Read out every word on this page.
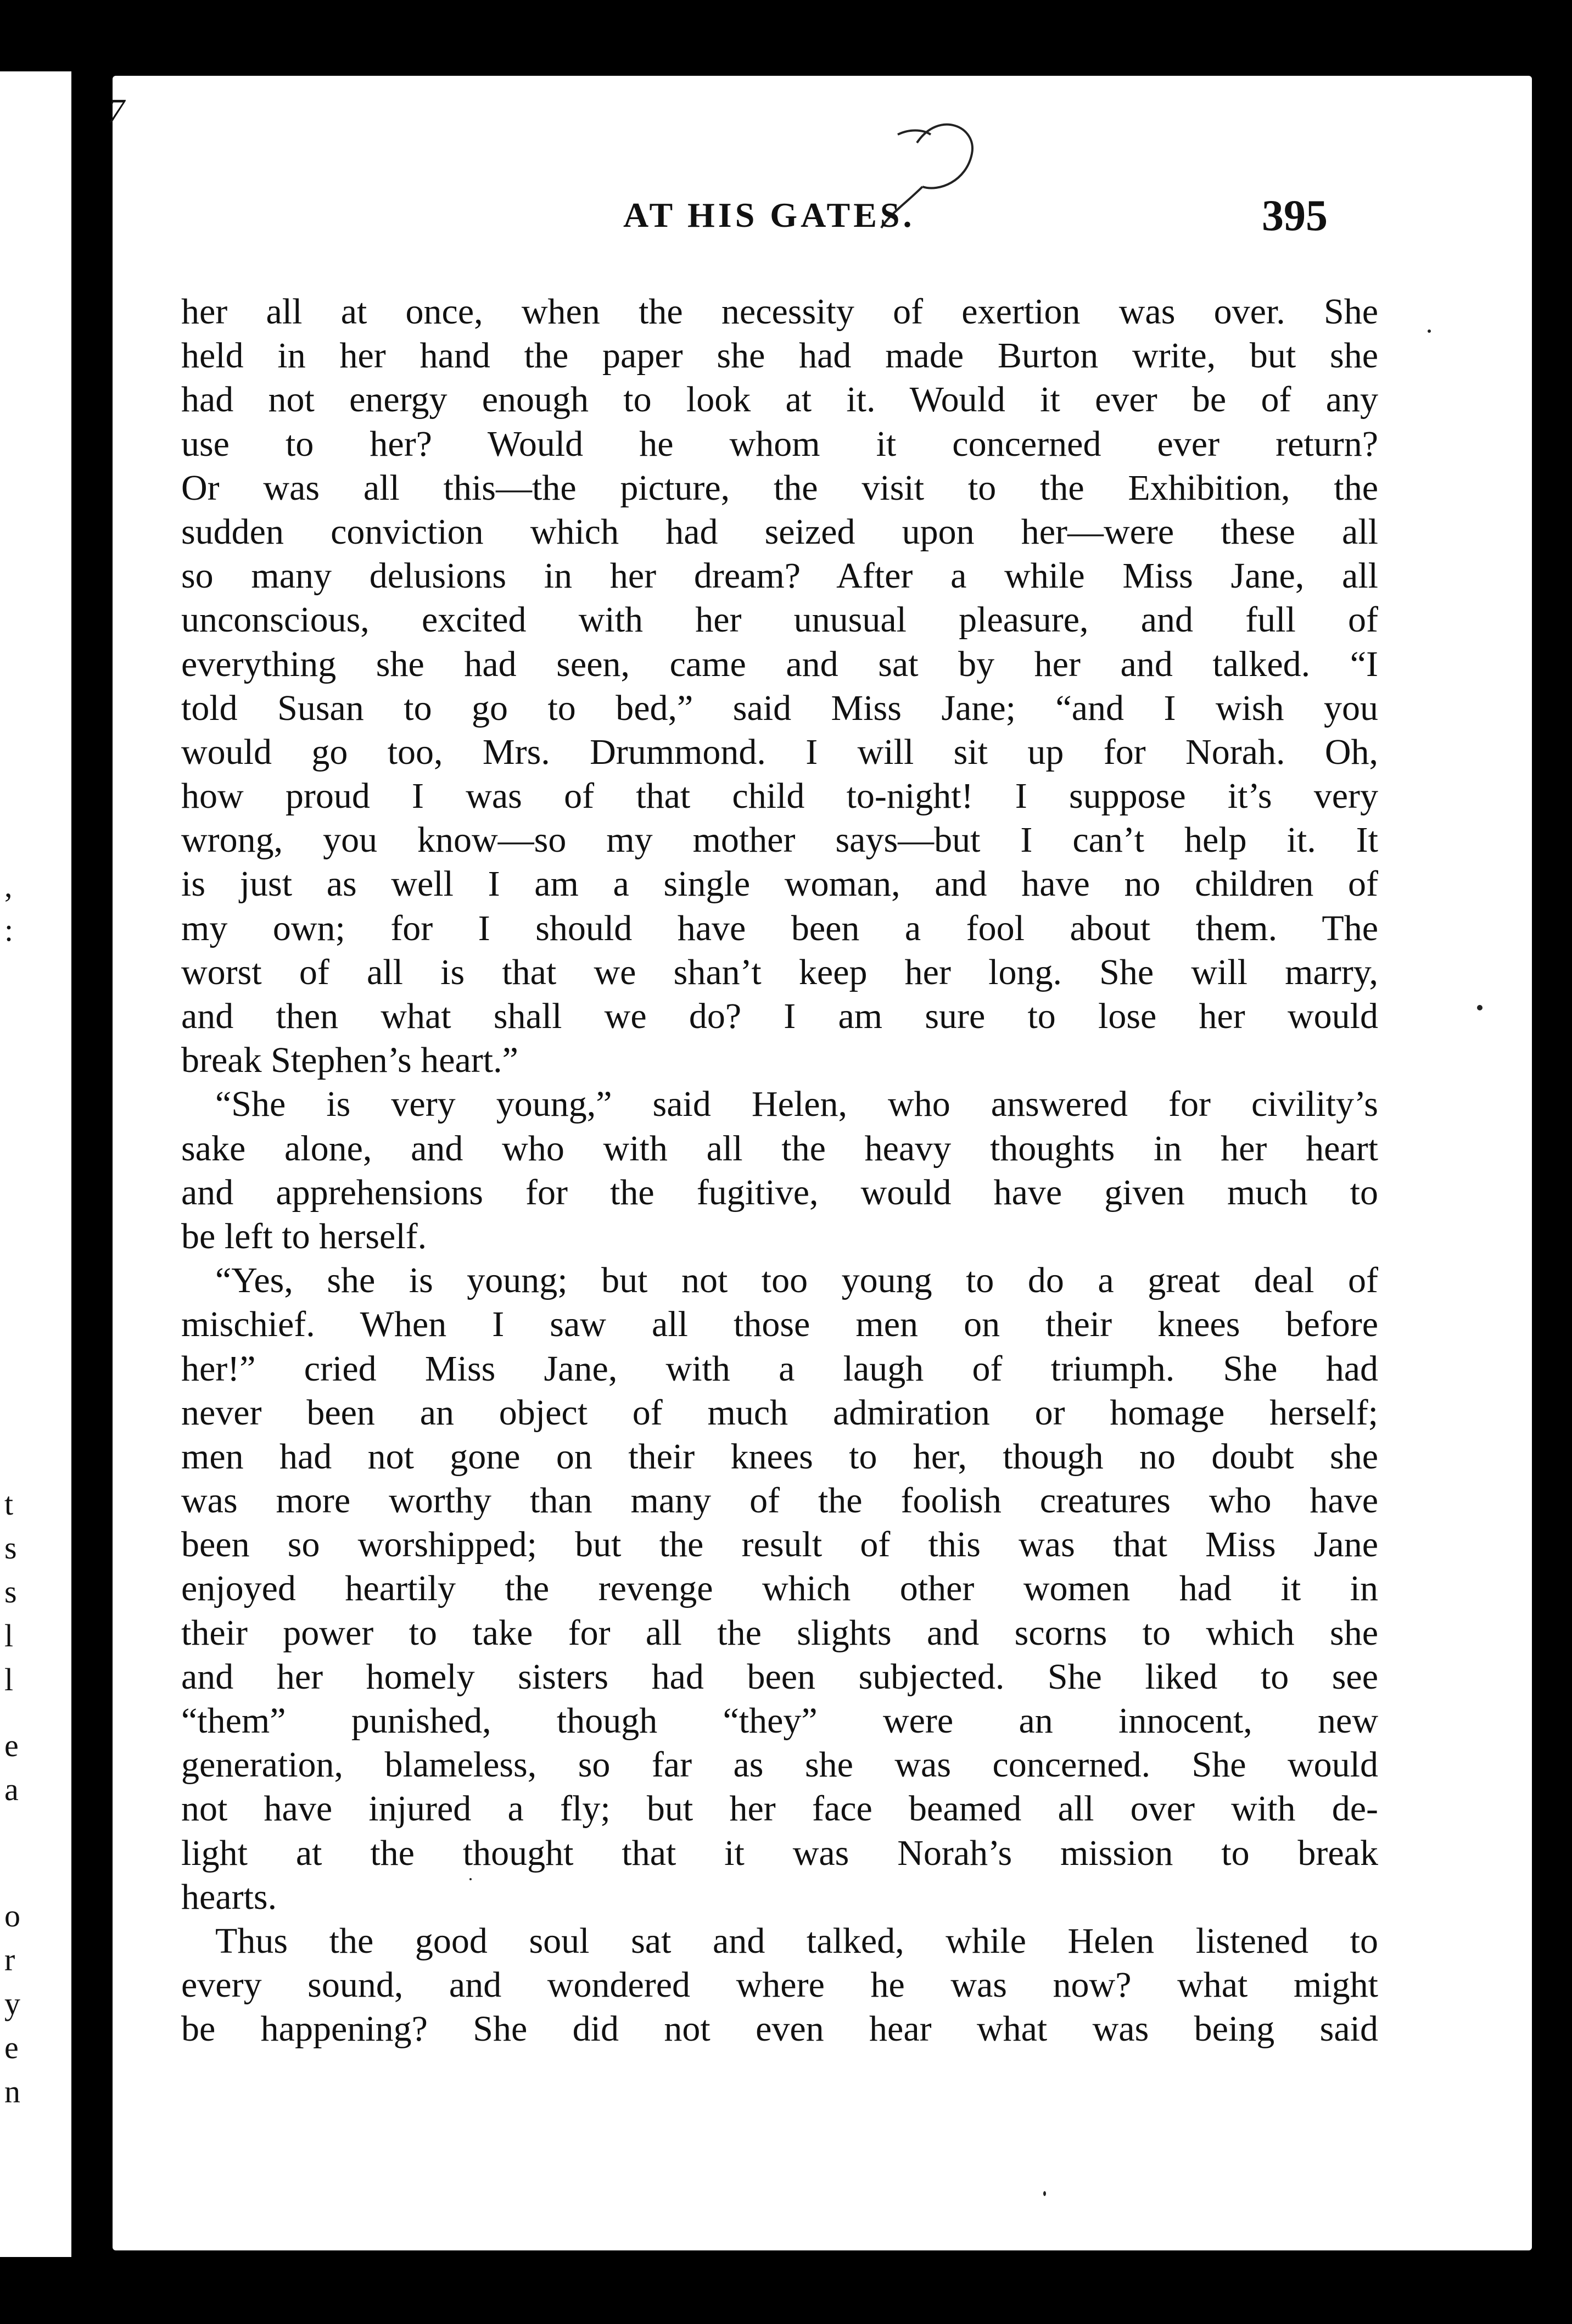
,
:
t
s
s
l
l
e
a
o
r
y
e
n
7
AT HIS GATES.	395
her all at once, when the necessity of exertion was over. She
held in her hand the paper she had made Burton write, but she
had not energy enough to look at it. Would it ever be of any
use to her? Would he whom it concerned ever return?
Or was all this—the picture, the visit to the Exhibition, the
sudden conviction which had seized upon her—were these all
so many delusions in her dream? After a while Miss Jane, all
unconscious, excited with her unusual pleasure, and full of
everything she had seen, came and sat by her and talked. “I
told Susan to go to bed,” said Miss Jane; “and I wish you
would go too, Mrs. Drummond. I will sit up for Norah. Oh,
how proud I was of that child to-night! I suppose it’s very
wrong, you know—so my mother says—but I can’t help it. It
is just as well I am a single woman, and have no children of
my own; for I should have been a fool about them. The
worst of all is that we shan’t keep her long. She will marry,
and then what shall we do? I am sure to lose her would
break Stephen’s heart.”
“She is very young,” said Helen, who answered for civility’s
sake alone, and who with all the heavy thoughts in her heart
and apprehensions for the fugitive, would have given much to
be left to herself.
“Yes, she is young; but not too young to do a great deal of
mischief. When I saw all those men on their knees before
her!” cried Miss Jane, with a laugh of triumph. She had
never been an object of much admiration or homage herself;
men had not gone on their knees to her, though no doubt she
was more worthy than many of the foolish creatures who have
been so worshipped; but the result of this was that Miss Jane
enjoyed heartily the revenge which other women had it in
their power to take for all the slights and scorns to which she
and her homely sisters had been subjected. She liked to see
“them” punished, though “they” were an innocent, new
generation, blameless, so far as she was concerned. She would
not have injured a fly; but her face beamed all over with de-
light at the thought that it was Norah’s mission to break
hearts.
Thus the good soul sat and talked, while Helen listened to
every sound, and wondered where he was now? what might
be happening? She did not even hear what was being said
